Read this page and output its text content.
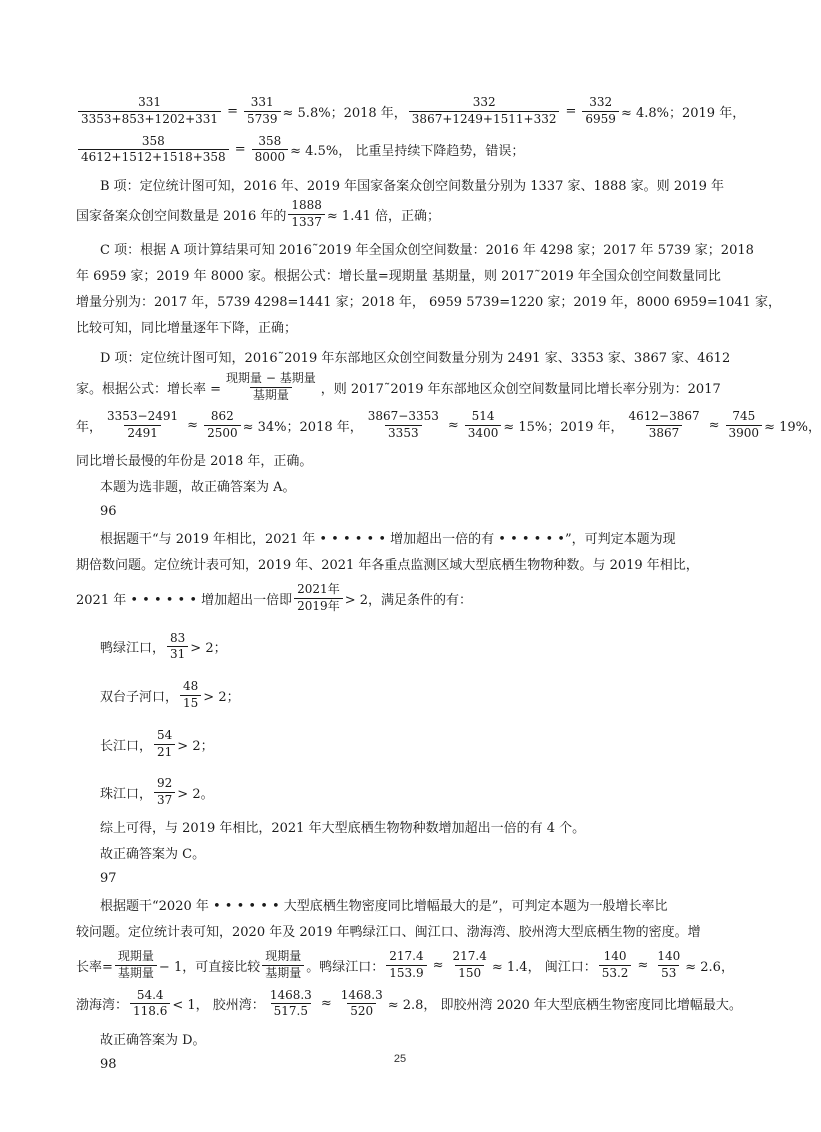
$\frac{331}{3353+853+1202+331} = \frac{331}{5739} \approx 5.8\%$；2018 年， $\frac{332}{3867+1249+1511+332} = \frac{332}{6959} \approx 4.8\%$；2019 年，
$\frac{358}{4612+1512+1518+358} = \frac{358}{8000} \approx 4.5\%$， 比重呈持续下降趋势，错误；
B 项：定位统计图可知，2016 年、2019 年国家备案众创空间数量分别为 1337 家、1888 家。则 2019 年
国家备案众创空间数量是 2016 年的 $\frac{1888}{1337} \approx 1.41$ 倍，正确；
C 项：根据 A 项计算结果可知 2016˜2019 年全国众创空间数量：2016 年 4298 家；2017 年 5739 家；2018
年 6959 家；2019 年 8000 家。根据公式：增长量=现期量 基期量，则 2017˜2019 年全国众创空间数量同比
增量分别为：2017 年，5739 4298=1441 家；2018 年， 6959 5739=1220 家；2019 年，8000 6959=1041 家，
比较可知，同比增量逐年下降，正确；
D 项：定位统计图可知，2016˜2019 年东部地区众创空间数量分别为 2491 家、3353 家、3867 家、4612
家。根据公式：增长率 = $\frac{\text{现期量 − 基期量}}{\text{基期量}}$ ，则 2017˜2019 年东部地区众创空间数量同比增长率分别为：2017
年， $\frac{3353-2491}{2491} \approx \frac{862}{2500} \approx 34\%$；2018 年， $\frac{3867-3353}{3353} \approx \frac{514}{3400} \approx 15\%$；2019 年， $\frac{4612-3867}{3867} \approx \frac{745}{3900} \approx 19\%$，
同比增长最慢的年份是 2018 年，正确。
本题为选非题，故正确答案为 A。
96
根据题干“与 2019 年相比，2021 年 • • • • • • 增加超出一倍的有 • • • • • •”，可判定本题为现
期倍数问题。定位统计表可知，2019 年、2021 年各重点监测区域大型底栖生物物种数。与 2019 年相比，
2021 年 • • • • • • 增加超出一倍即 $\frac{\text{2021年}}{\text{2019年}} > 2$，满足条件的有：
鸭绿江口， $\frac{83}{31} > 2$；
双台子河口， $\frac{48}{15} > 2$；
长江口， $\frac{54}{21} > 2$；
珠江口， $\frac{92}{37} > 2$。
综上可得，与 2019 年相比，2021 年大型底栖生物物种数增加超出一倍的有 4 个。
故正确答案为 C。
97
根据题干“2020 年 • • • • • • 大型底栖生物密度同比增幅最大的是”，可判定本题为一般增长率比
较问题。定位统计表可知，2020 年及 2019 年鸭绿江口、闽江口、渤海湾、胶州湾大型底栖生物的密度。增
长率= $\frac{\text{现期量}}{\text{基期量}} - 1$，可直接比较 $\frac{\text{现期量}}{\text{基期量}}$ 。鸭绿江口： $\frac{217.4}{153.9} \approx \frac{217.4}{150} \approx 1.4$， 闽江口： $\frac{140}{53.2} \approx \frac{140}{53} \approx 2.6$，
渤海湾： $\frac{54.4}{118.6} < 1$， 胶州湾： $\frac{1468.3}{517.5} \approx \frac{1468.3}{520} \approx 2.8$， 即胶州湾 2020 年大型底栖生物密度同比增幅最大。
故正确答案为 D。
98	25
